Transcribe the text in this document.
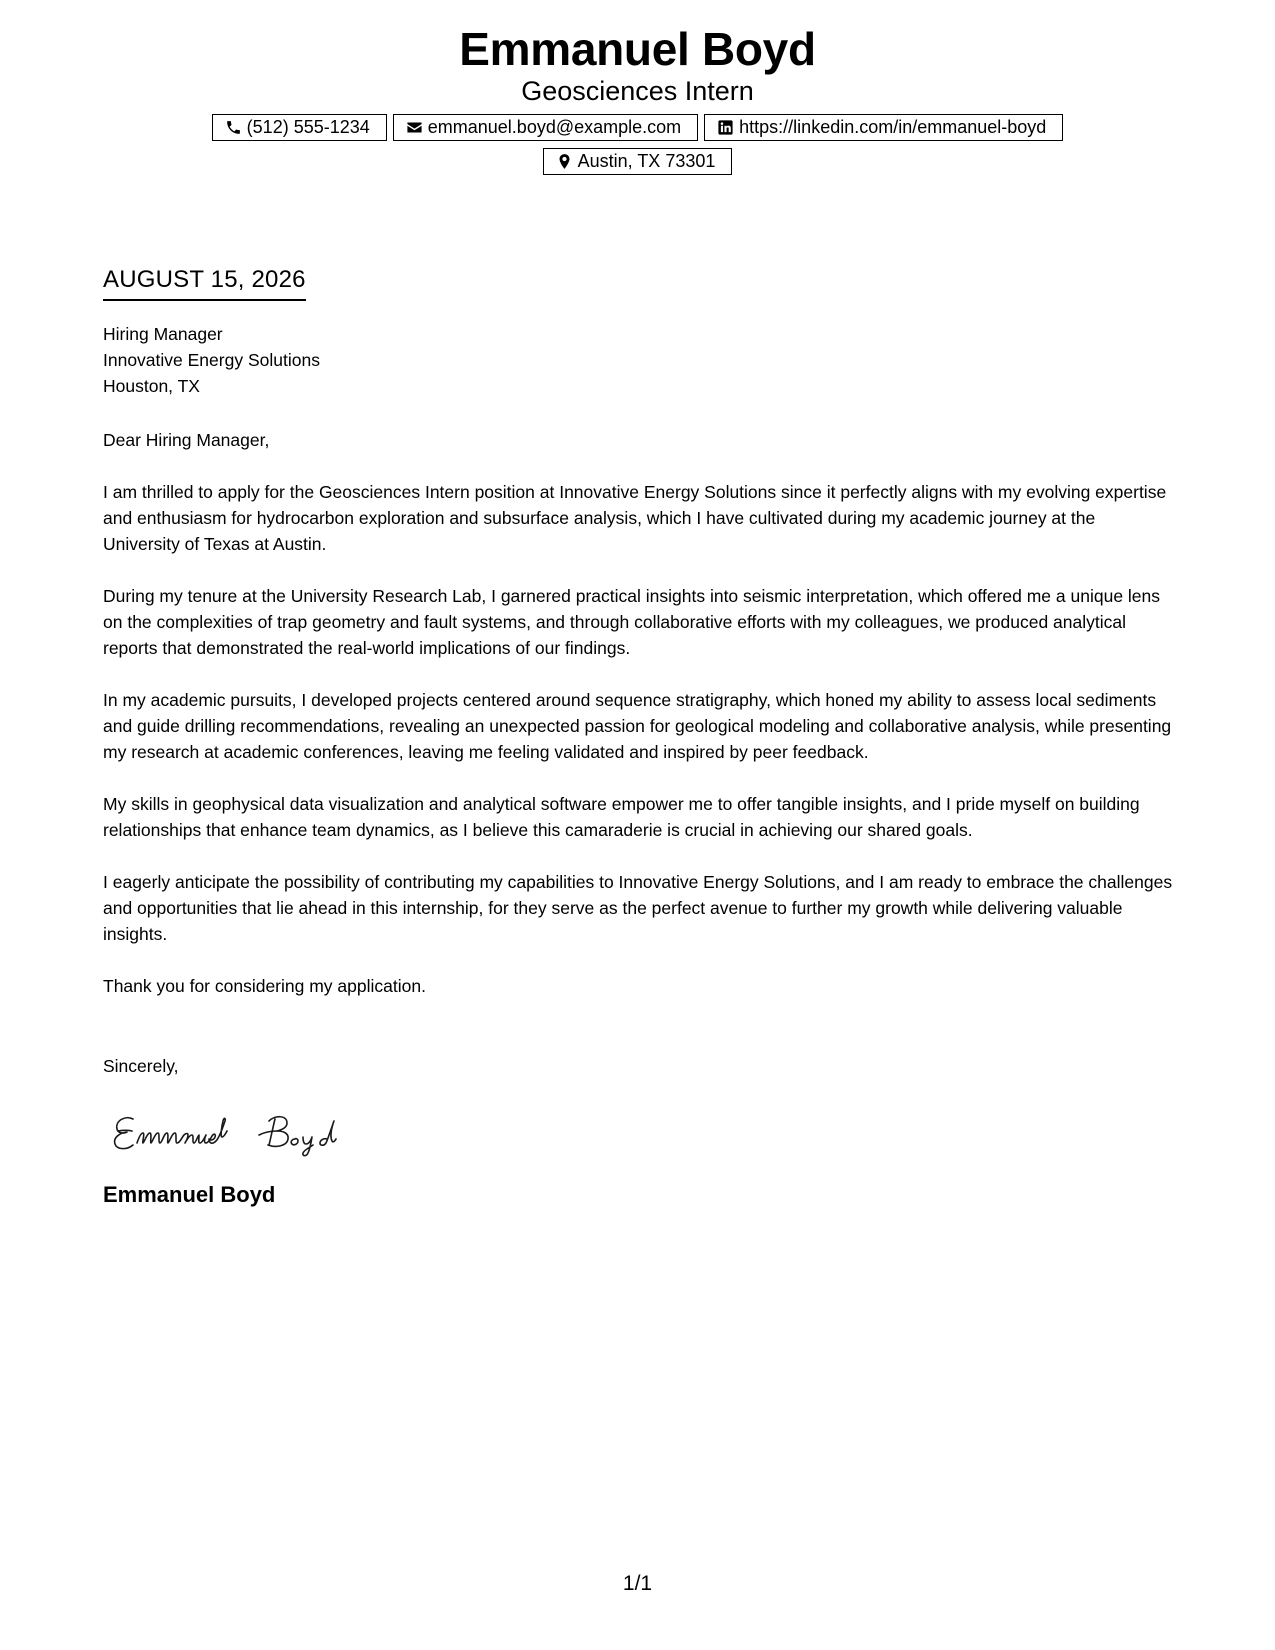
Emmanuel Boyd
Geosciences Intern
(512) 555-1234	emmanuel.boyd@example.com	https://linkedin.com/in/emmanuel-boyd
Austin, TX 73301
AUGUST 15, 2026
Hiring Manager
Innovative Energy Solutions
Houston, TX
Dear Hiring Manager,

I am thrilled to apply for the Geosciences Intern position at Innovative Energy Solutions since it perfectly aligns with my evolving expertise and enthusiasm for hydrocarbon exploration and subsurface analysis, which I have cultivated during my academic journey at the University of Texas at Austin.

During my tenure at the University Research Lab, I garnered practical insights into seismic interpretation, which offered me a unique lens on the complexities of trap geometry and fault systems, and through collaborative efforts with my colleagues, we produced analytical reports that demonstrated the real-world implications of our findings.

In my academic pursuits, I developed projects centered around sequence stratigraphy, which honed my ability to assess local sediments and guide drilling recommendations, revealing an unexpected passion for geological modeling and collaborative analysis, while presenting my research at academic conferences, leaving me feeling validated and inspired by peer feedback.

My skills in geophysical data visualization and analytical software empower me to offer tangible insights, and I pride myself on building relationships that enhance team dynamics, as I believe this camaraderie is crucial in achieving our shared goals.

I eagerly anticipate the possibility of contributing my capabilities to Innovative Energy Solutions, and I am ready to embrace the challenges and opportunities that lie ahead in this internship, for they serve as the perfect avenue to further my growth while delivering valuable insights.

Thank you for considering my application.

Sincerely,
Emmanuel Boyd
1/1
